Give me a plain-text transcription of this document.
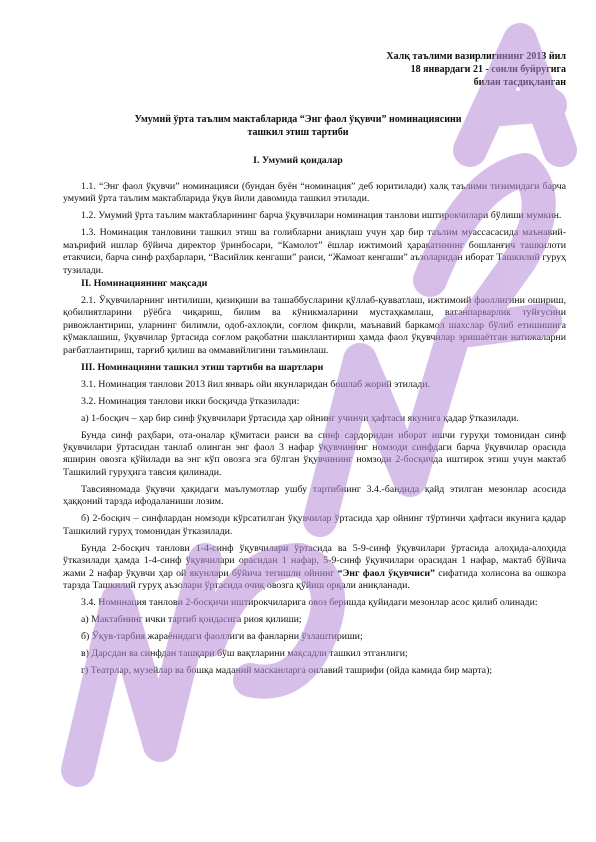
Халқ таълими вазирлигининг 2013 йил
18 январдаги 21 - сонли буйругига
билан тасдиқланган
Умумий ўрта таълим мактабларида “Энг фаол ўқувчи” номинациясини
ташкил этиш тартиби
I. Умумий қоидалар

1.1. “Энг фаол ўқувчи” номинацияси (бундан буён “номинация” деб юритилади) халқ таълими тизимидаги барча умумий ўрта таълим мактабларида ўқув йили давомида ташкил этилади.

1.2. Умумий ўрта таълим мактабларининг барча ўқувчилари номинация танлови иштирокчилари бўлиши мумкин.

1.3. Номинация танловини ташкил этиш ва голибларни аниқлаш учун ҳар бир таълим муассасасида маънавий-маърифий ишлар бўйича директор ўринбосари, “Камолот” ёшлар ижтимоий ҳаракатининг бошланғич ташкилоти етакчиси, барча синф раҳбарлари, “Васийлик кенгаши” раиси, “Жамоат кенгаши” аъзоларидан иборат Ташкилий гуруҳ тузилади.

II. Номинациянинг мақсади

2.1. Ўқувчиларнинг интилиши, қизиқиши ва ташаббусларини қўллаб-қувватлаш, ижтимоий фаоллигини ошириш, қобилиятларини рўёбга чиқариш, билим ва кўникмаларини мустаҳкамлаш, ватанпарварлик туйғусини ривожлантириш, уларнинг билимли, одоб-ахлоқли, соғлом фикрли, маънавий баркамол шахслар бўлиб етишишига кўмаклашиш, ўқувчилар ўртасида соғлом рақобатни шакллантириш ҳамда фаол ўқувчилар эришаётган натижаларни рағбатлантириш, тарғиб қилиш ва оммавийлигини таъминлаш.

III. Номинацияни ташкил этиш тартиби ва шартлари

3.1. Номинация танлови 2013 йил январь ойи якунларидан бошлаб жорий этилади.

3.2. Номинация танлови икки босқичда ўтказилади:

а) 1-босқич – ҳар бир синф ўқувчилари ўртасида ҳар ойнинг учинчи ҳафтаси якунига қадар ўтказилади.

Бунда синф раҳбари, ота-оналар қўмитаси раиси ва синф сардоридан иборат ишчи гуруҳи томонидан синф ўқувчилари ўртасидан танлаб олинган энг фаол 3 нафар ўқувчининг номзоди синфдаги барча ўқувчилар орасида яширин овозга қўйилади ва энг кўп овозга эга бўлган ўқувчининг номзоди 2-босқичда иштирок этиш учун мактаб Ташкилий гуруҳига тавсия қилинади.

Тавсияномада ўқувчи ҳақидаги маълумотлар ушбу тартибнинг 3.4.-бандида қайд этилган мезонлар асосида ҳаққоний тарзда ифодаланиши лозим.

б) 2-босқич – синфлардан номзоди кўрсатилган ўқувчилар ўртасида ҳар ойнинг тўртинчи ҳафтаси якунига қадар Ташкилий гуруҳ томонидан ўтказилади.

Бунда 2-босқич танлови 1-4-синф ўқувчилари ўртасида ва 5-9-синф ўқувчилари ўртасида алоҳида-алоҳида ўтказилади ҳамда 1-4-синф ўқувчилари орасидан 1 нафар, 5-9-синф ўқувчилари орасидан 1 нафар, мактаб бўйича жами 2 нафар ўқувчи ҳар ой якунлари бўйича тегишли ойнинг “Энг фаол ўқувчиси” сифатида холисона ва ошкора тарзда Ташкилий гуруҳ аъзолари ўртасида очиқ овозга қўйиш орқали аниқланади.

3.4. Номинация танлови 2-босқичи иштирокчиларига овоз беришда қуйидаги мезонлар асос қилиб олинади:

а) Мактабнинг ички тартиб қоидасига риоя қилиши;

б) Ўқув-тарбия жараёнидаги фаоллиги ва фанларни ўзлаштириши;

в) Дарсдан ва синфдан ташқари бўш вақтларини мақсадли ташкил этганлиги;

г) Театрлар, музейлар ва бошқа маданий масканларга оилавий ташрифи (ойда камида бир марта);
